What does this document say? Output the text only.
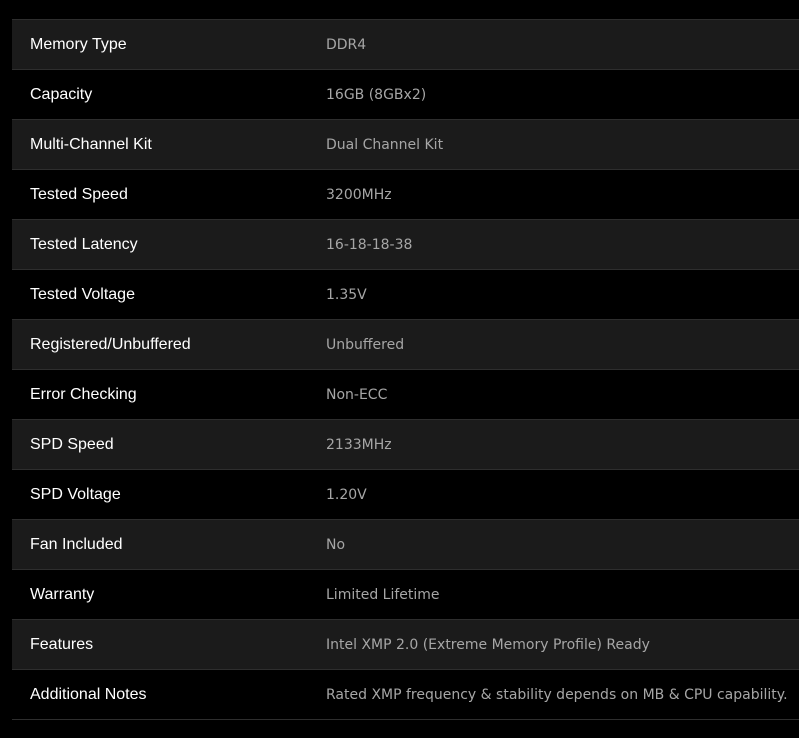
Memory Type	DDR4
Capacity	16GB (8GBx2)
Multi-Channel Kit	Dual Channel Kit
Tested Speed	3200MHz
Tested Latency	16-18-18-38
Tested Voltage	1.35V
Registered/Unbuffered	Unbuffered
Error Checking	Non-ECC
SPD Speed	2133MHz
SPD Voltage	1.20V
Fan Included	No
Warranty	Limited Lifetime
Features	Intel XMP 2.0 (Extreme Memory Profile) Ready
Additional Notes	Rated XMP frequency & stability depends on MB & CPU capability.
